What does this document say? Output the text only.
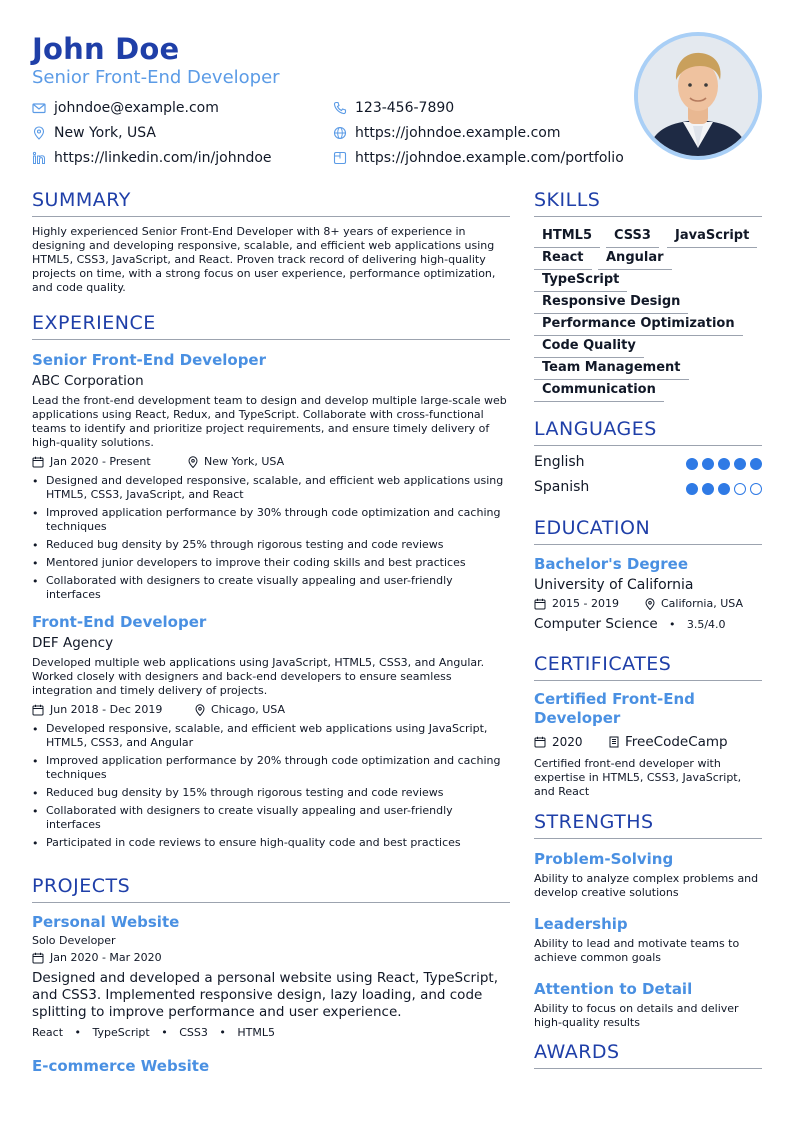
John Doe
Senior Front-End Developer
johndoe@example.com	123-456-7890
New York, USA	https://johndoe.example.com
https://linkedin.com/in/johndoe	https://johndoe.example.com/portfolio
SUMMARY
Highly experienced Senior Front-End Developer with 8+ years of experience in designing and developing responsive, scalable, and efficient web applications using HTML5, CSS3, JavaScript, and React. Proven track record of delivering high-quality projects on time, with a strong focus on user experience, performance optimization, and code quality.
EXPERIENCE
Senior Front-End Developer
ABC Corporation
Lead the front-end development team to design and develop multiple large-scale web applications using React, Redux, and TypeScript. Collaborate with cross-functional teams to identify and prioritize project requirements, and ensure timely delivery of high-quality solutions.
Jan 2020 - Present	New York, USA
• Designed and developed responsive, scalable, and efficient web applications using HTML5, CSS3, JavaScript, and React
• Improved application performance by 30% through code optimization and caching techniques
• Reduced bug density by 25% through rigorous testing and code reviews
• Mentored junior developers to improve their coding skills and best practices
• Collaborated with designers to create visually appealing and user-friendly interfaces
Front-End Developer
DEF Agency
Developed multiple web applications using JavaScript, HTML5, CSS3, and Angular. Worked closely with designers and back-end developers to ensure seamless integration and timely delivery of projects.
Jun 2018 - Dec 2019	Chicago, USA
• Developed responsive, scalable, and efficient web applications using JavaScript, HTML5, CSS3, and Angular
• Improved application performance by 20% through code optimization and caching techniques
• Reduced bug density by 15% through rigorous testing and code reviews
• Collaborated with designers to create visually appealing and user-friendly interfaces
• Participated in code reviews to ensure high-quality code and best practices
PROJECTS
Personal Website
Solo Developer
Jan 2020 - Mar 2020
Designed and developed a personal website using React, TypeScript, and CSS3. Implemented responsive design, lazy loading, and code splitting to improve performance and user experience.
React • TypeScript • CSS3 • HTML5
E-commerce Website
SKILLS
HTML5	CSS3	JavaScript
React	Angular
TypeScript
Responsive Design
Performance Optimization
Code Quality
Team Management
Communication
LANGUAGES
English
Spanish
EDUCATION
Bachelor's Degree
University of California
2015 - 2019	California, USA
Computer Science • 3.5/4.0
CERTIFICATES
Certified Front-End Developer
2020	FreeCodeCamp
Certified front-end developer with expertise in HTML5, CSS3, JavaScript, and React
STRENGTHS
Problem-Solving
Ability to analyze complex problems and develop creative solutions
Leadership
Ability to lead and motivate teams to achieve common goals
Attention to Detail
Ability to focus on details and deliver high-quality results
AWARDS
